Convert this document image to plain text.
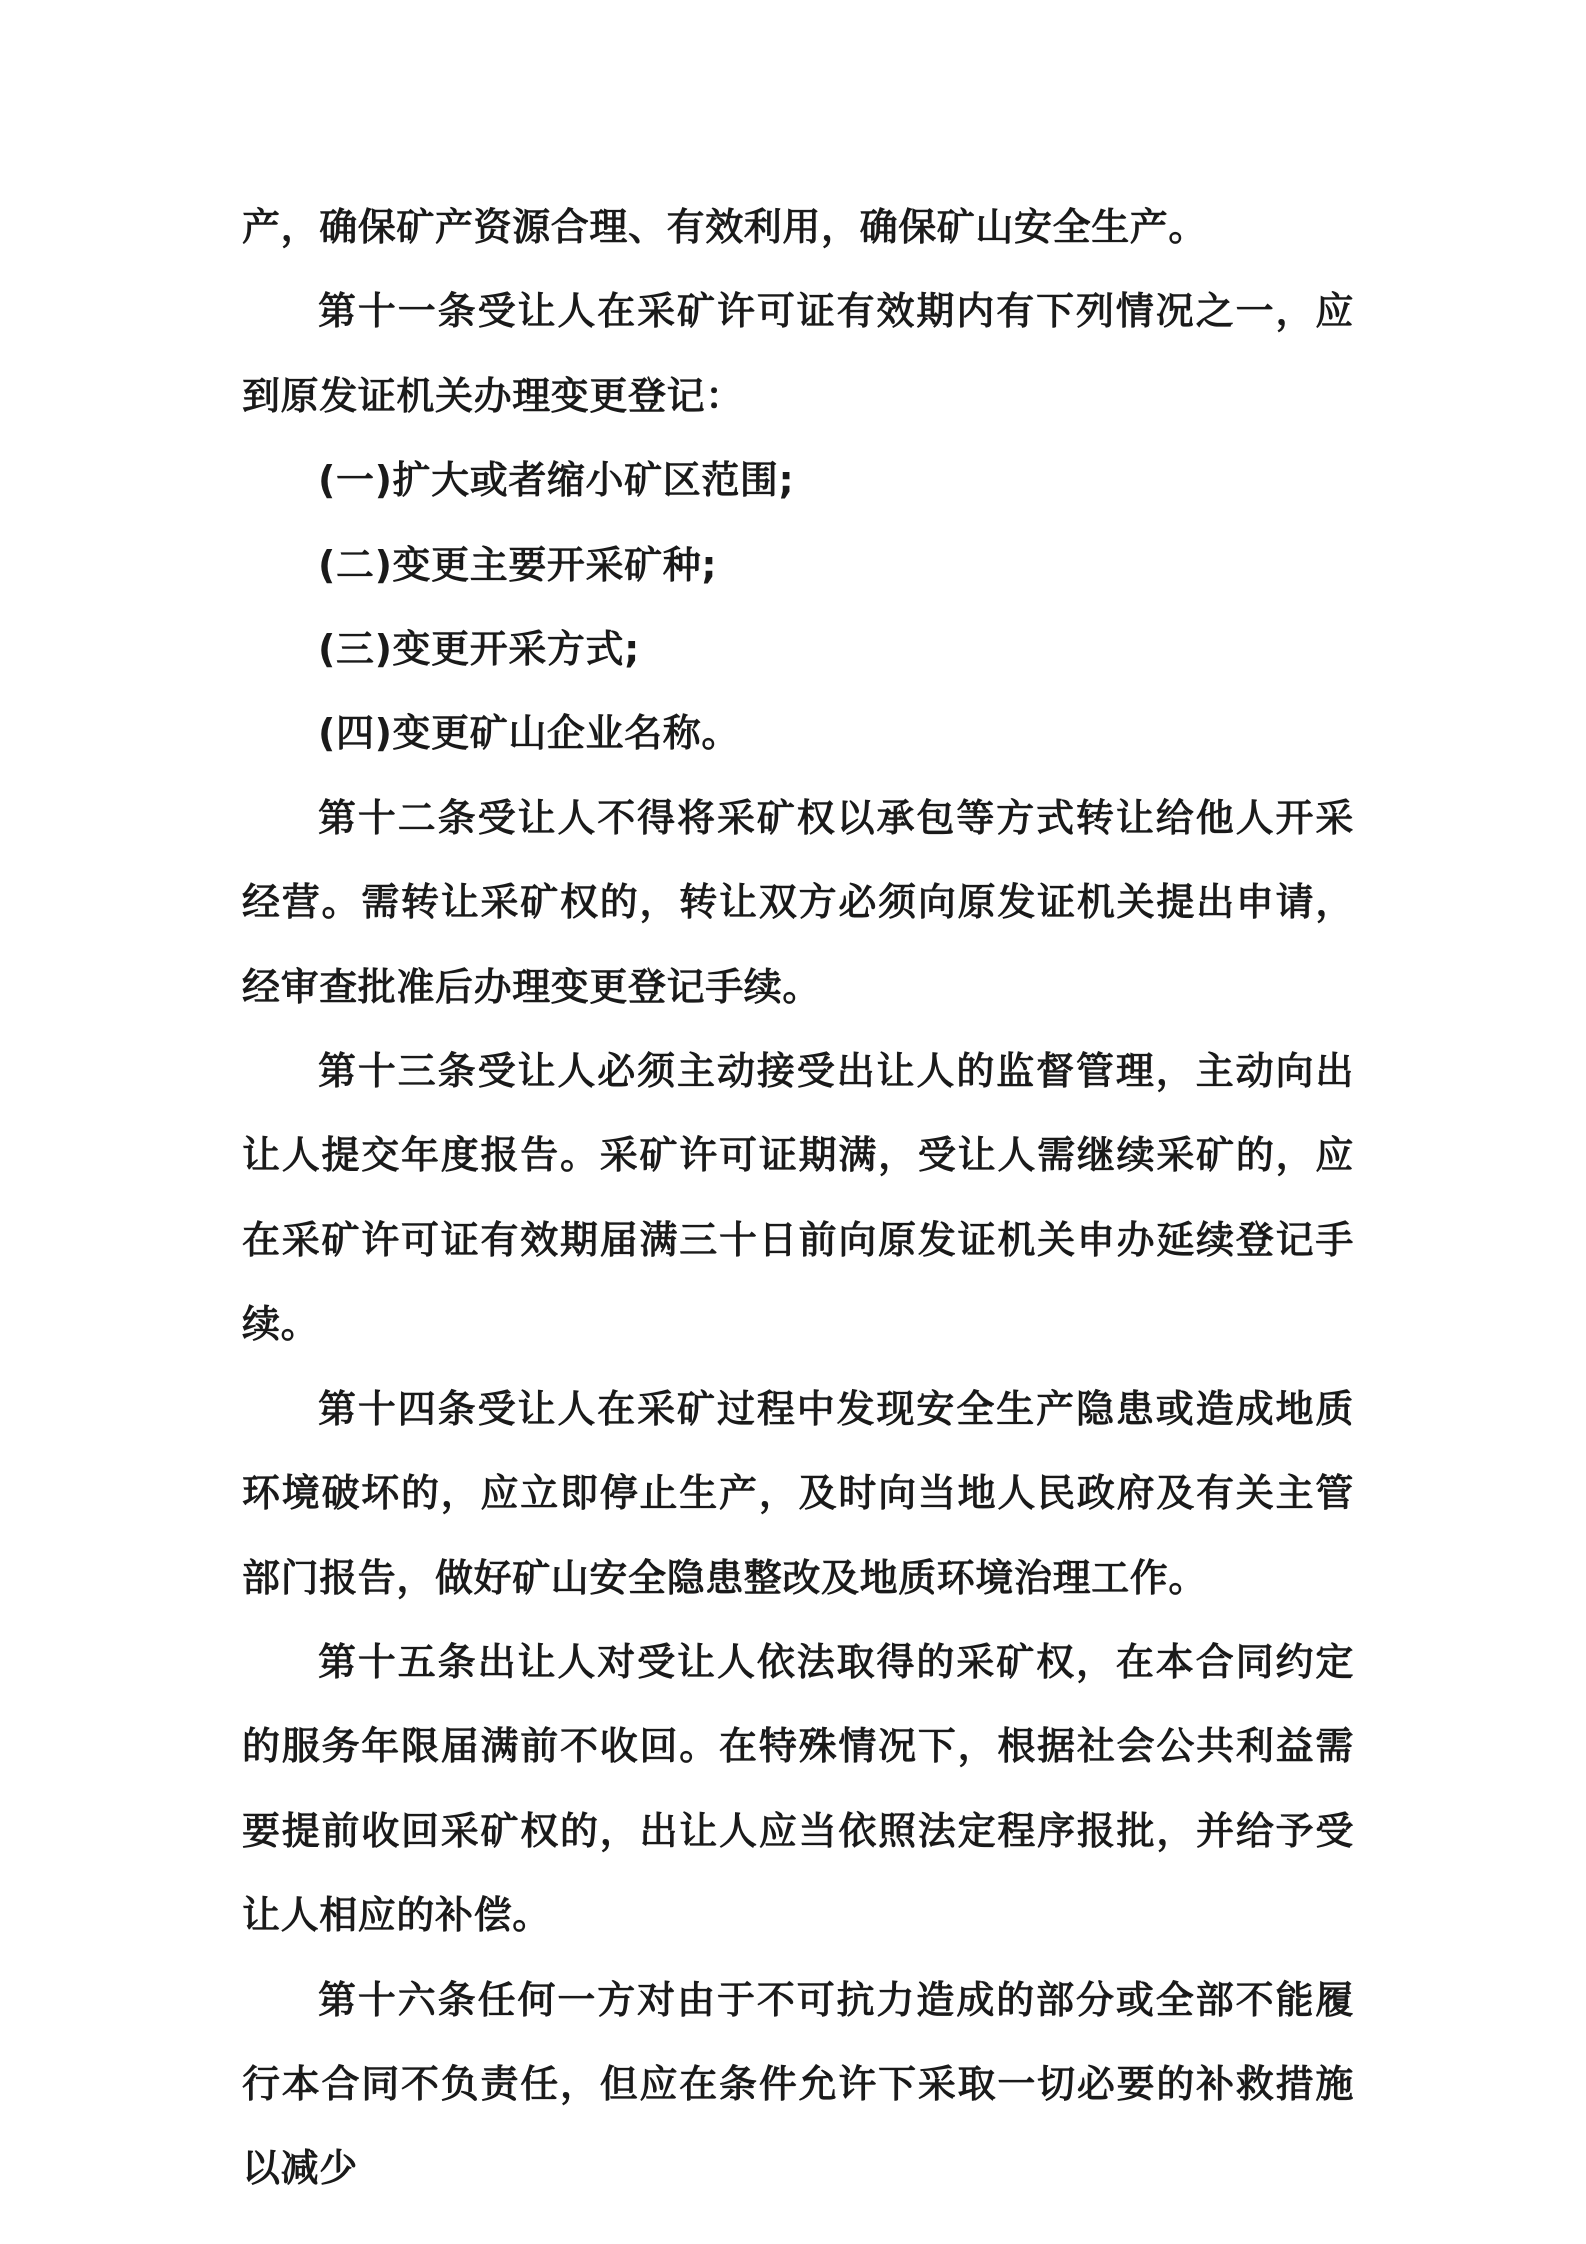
产，确保矿产资源合理、有效利用，确保矿山安全生产。

第十一条受让人在采矿许可证有效期内有下列情况之一，应到原发证机关办理变更登记：

(一)扩大或者缩小矿区范围;

(二)变更主要开采矿种;

(三)变更开采方式;

(四)变更矿山企业名称。

第十二条受让人不得将采矿权以承包等方式转让给他人开采经营。需转让采矿权的，转让双方必须向原发证机关提出申请，经审查批准后办理变更登记手续。

第十三条受让人必须主动接受出让人的监督管理，主动向出让人提交年度报告。采矿许可证期满，受让人需继续采矿的，应在采矿许可证有效期届满三十日前向原发证机关申办延续登记手续。

第十四条受让人在采矿过程中发现安全生产隐患或造成地质环境破坏的，应立即停止生产，及时向当地人民政府及有关主管部门报告，做好矿山安全隐患整改及地质环境治理工作。

第十五条出让人对受让人依法取得的采矿权，在本合同约定的服务年限届满前不收回。在特殊情况下，根据社会公共利益需要提前收回采矿权的，出让人应当依照法定程序报批，并给予受让人相应的补偿。

第十六条任何一方对由于不可抗力造成的部分或全部不能履行本合同不负责任，但应在条件允许下采取一切必要的补救措施以减少
